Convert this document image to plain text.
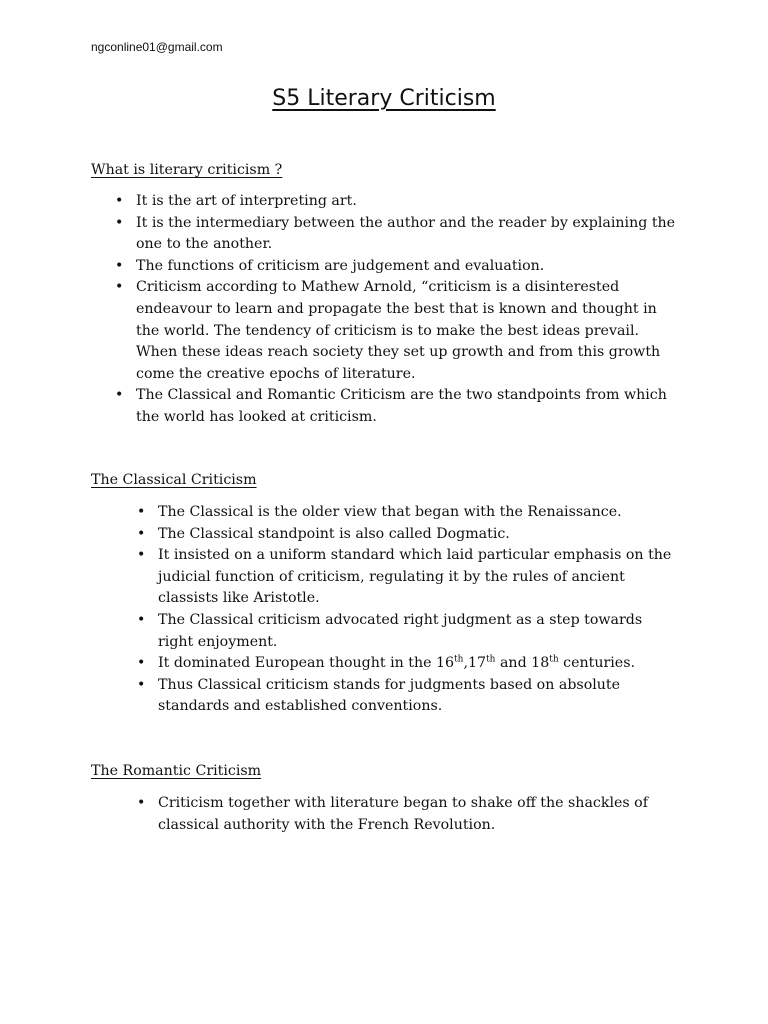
ngconline01@gmail.com
S5 Literary Criticism
What is literary criticism ?
• It is the art of interpreting art.
• It is the intermediary between the author and the reader by explaining the one to the another.
• The functions of criticism are judgement and evaluation.
• Criticism according to Mathew Arnold, “criticism is a disinterested endeavour to learn and propagate the best that is known and thought in the world. The tendency of criticism is to make the best ideas prevail. When these ideas reach society they set up growth and from this growth come the creative epochs of literature.
• The Classical and Romantic Criticism are the two standpoints from which the world has looked at criticism.
The Classical Criticism
• The Classical is the older view that began with the Renaissance.
• The Classical standpoint is also called Dogmatic.
• It insisted on a uniform standard which laid particular emphasis on the judicial function of criticism, regulating it by the rules of ancient classists like Aristotle.
• The Classical criticism advocated right judgment as a step towards right enjoyment.
• It dominated European thought in the 16th,17th and 18th centuries.
• Thus Classical criticism stands for judgments based on absolute standards and established conventions.
The Romantic Criticism
• Criticism together with literature began to shake off the shackles of classical authority with the French Revolution.
